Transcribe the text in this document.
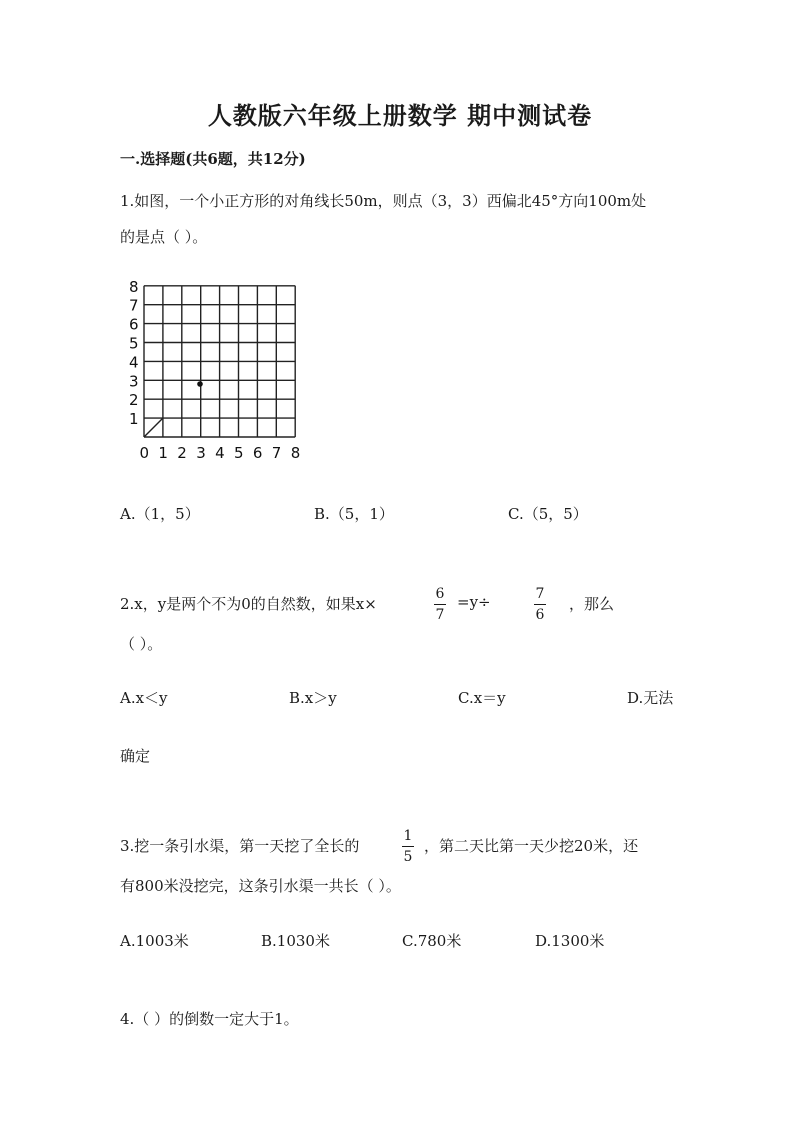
人教版六年级上册数学 期中测试卷
一.选择题(共6题，共12分)
1.如图，一个小正方形的对角线长50m，则点（3，3）西偏北45°方向100m处
的是点（ ）。
8
7
6
5
4
3
2
1
0 1 2 3 4 5 6 7 8
A.（1，5）	B.（5，1）	C.（5，5）
2.x，y是两个不为0的自然数，如果x×
6
7
=y÷	7
6
，那么
（ ）。
A.x＜y	B.x＞y	C.x＝y	D.无法
确定
3.挖一条引水渠，第一天挖了全长的
1
5
，第二天比第一天少挖20米，还
有800米没挖完，这条引水渠一共长（ ）。
A.1003米	B.1030米	C.780米	D.1300米
4.（ ）的倒数一定大于1。
